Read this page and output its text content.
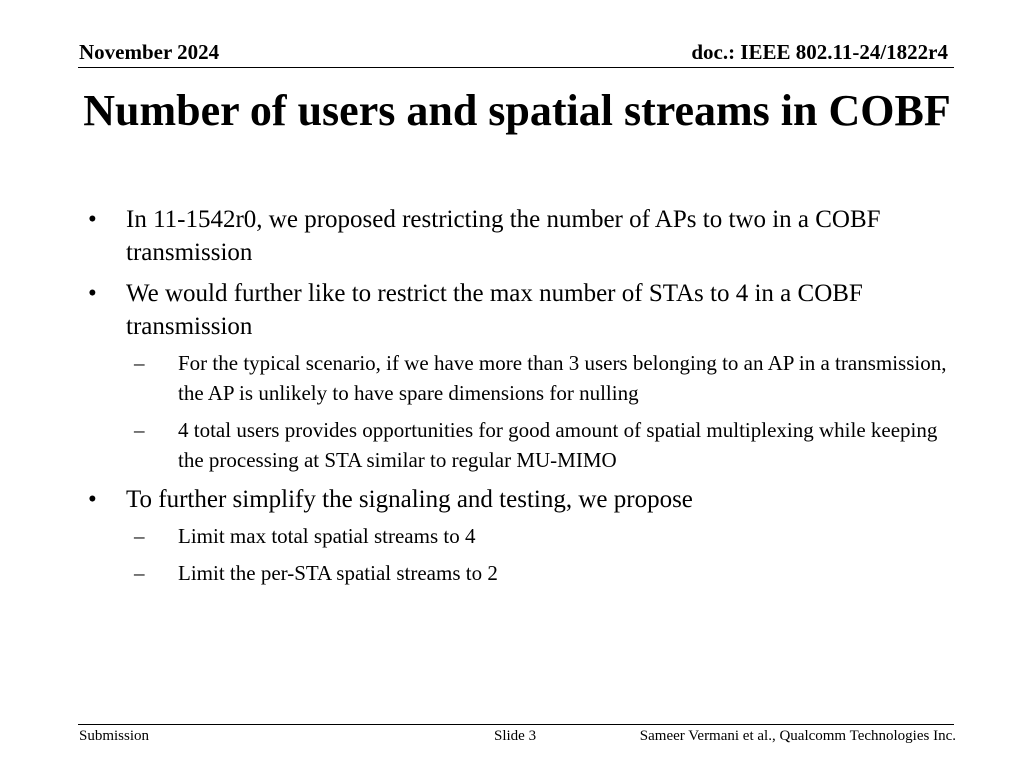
November 2024	doc.: IEEE 802.11-24/1822r4
Number of users and spatial streams in COBF
•	In 11-1542r0, we proposed restricting the number of APs to two in a COBF transmission
•	We would further like to restrict the max number of STAs to 4 in a COBF transmission
–	For the typical scenario, if we have more than 3 users belonging to an AP in a transmission, the AP is unlikely to have spare dimensions for nulling
–	4 total users provides opportunities for good amount of spatial multiplexing while keeping the processing at STA similar to regular MU-MIMO
•	To further simplify the signaling and testing, we propose
–	Limit max total spatial streams to 4
–	Limit the per-STA spatial streams to 2
Submission	Slide 3	Sameer Vermani et al., Qualcomm Technologies Inc.
